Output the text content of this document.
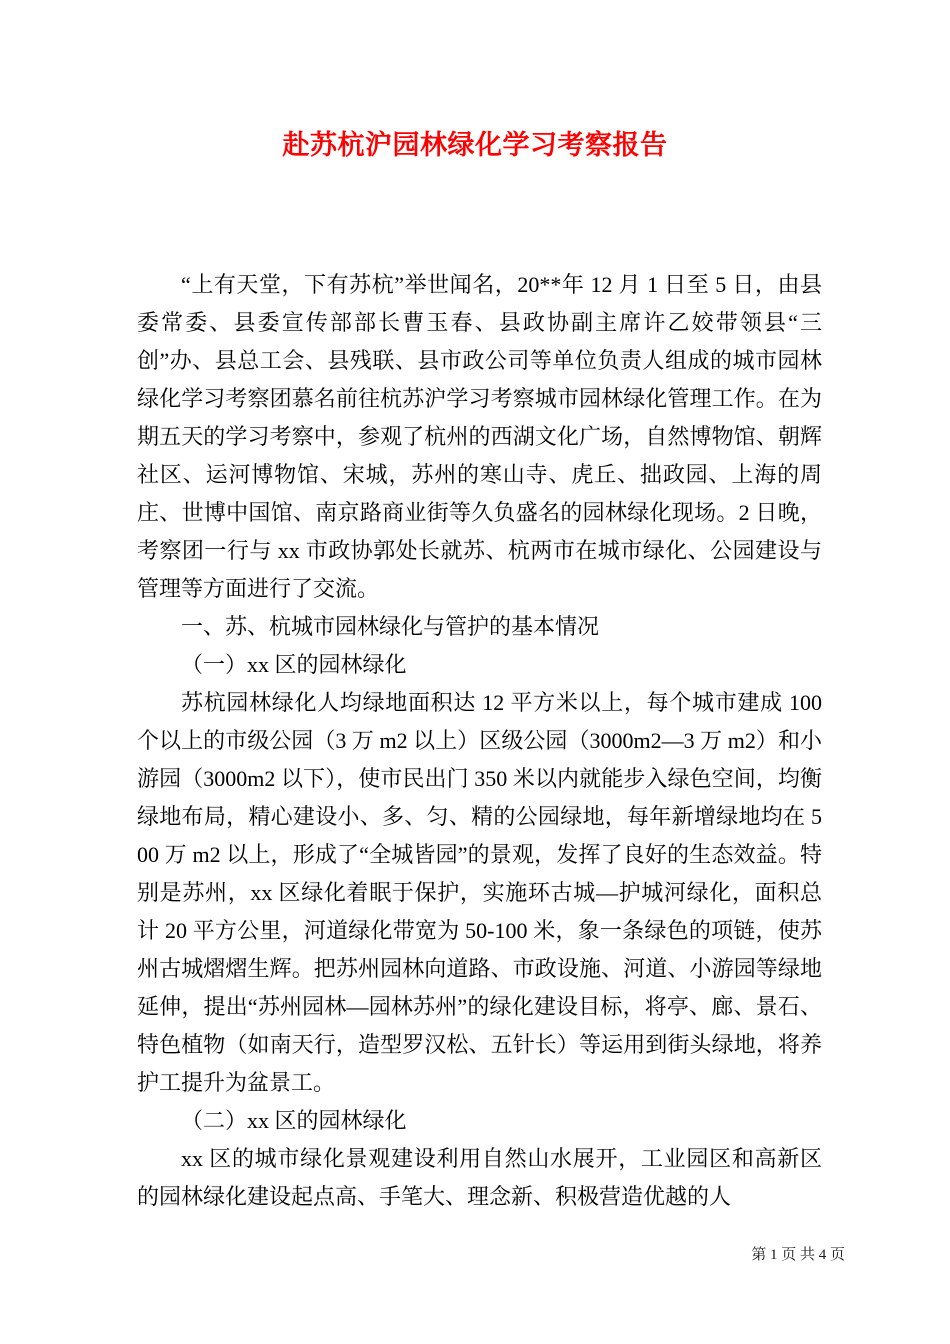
赴苏杭沪园林绿化学习考察报告

“上有天堂，下有苏杭”举世闻名，20**年 12 月 1 日至 5 日，由县委常委、县委宣传部部长曹玉春、县政协副主席许乙姣带领县“三创”办、县总工会、县残联、县市政公司等单位负责人组成的城市园林绿化学习考察团慕名前往杭苏沪学习考察城市园林绿化管理工作。在为期五天的学习考察中，参观了杭州的西湖文化广场，自然博物馆、朝辉社区、运河博物馆、宋城，苏州的寒山寺、虎丘、拙政园、上海的周庄、世博中国馆、南京路商业街等久负盛名的园林绿化现场。2 日晚，考察团一行与 xx 市政协郭处长就苏、杭两市在城市绿化、公园建设与管理等方面进行了交流。

一、苏、杭城市园林绿化与管护的基本情况

（一）xx 区的园林绿化

苏杭园林绿化人均绿地面积达 12 平方米以上，每个城市建成 100 个以上的市级公园（3 万 m2 以上）区级公园（3000m2—3 万 m2）和小游园（3000m2 以下），使市民出门 350 米以内就能步入绿色空间，均衡绿地布局，精心建设小、多、匀、精的公园绿地，每年新增绿地均在 500 万 m2 以上，形成了“全城皆园”的景观，发挥了良好的生态效益。特别是苏州，xx 区绿化着眠于保护，实施环古城—护城河绿化，面积总计 20 平方公里，河道绿化带宽为 50-100 米，象一条绿色的项链，使苏州古城熠熠生辉。把苏州园林向道路、市政设施、河道、小游园等绿地延伸，提出“苏州园林—园林苏州”的绿化建设目标，将亭、廊、景石、特色植物（如南天行，造型罗汉松、五针长）等运用到街头绿地，将养护工提升为盆景工。

（二）xx 区的园林绿化

xx 区的城市绿化景观建设利用自然山水展开，工业园区和高新区的园林绿化建设起点高、手笔大、理念新、积极营造优越的人

第 1 页 共 4 页
